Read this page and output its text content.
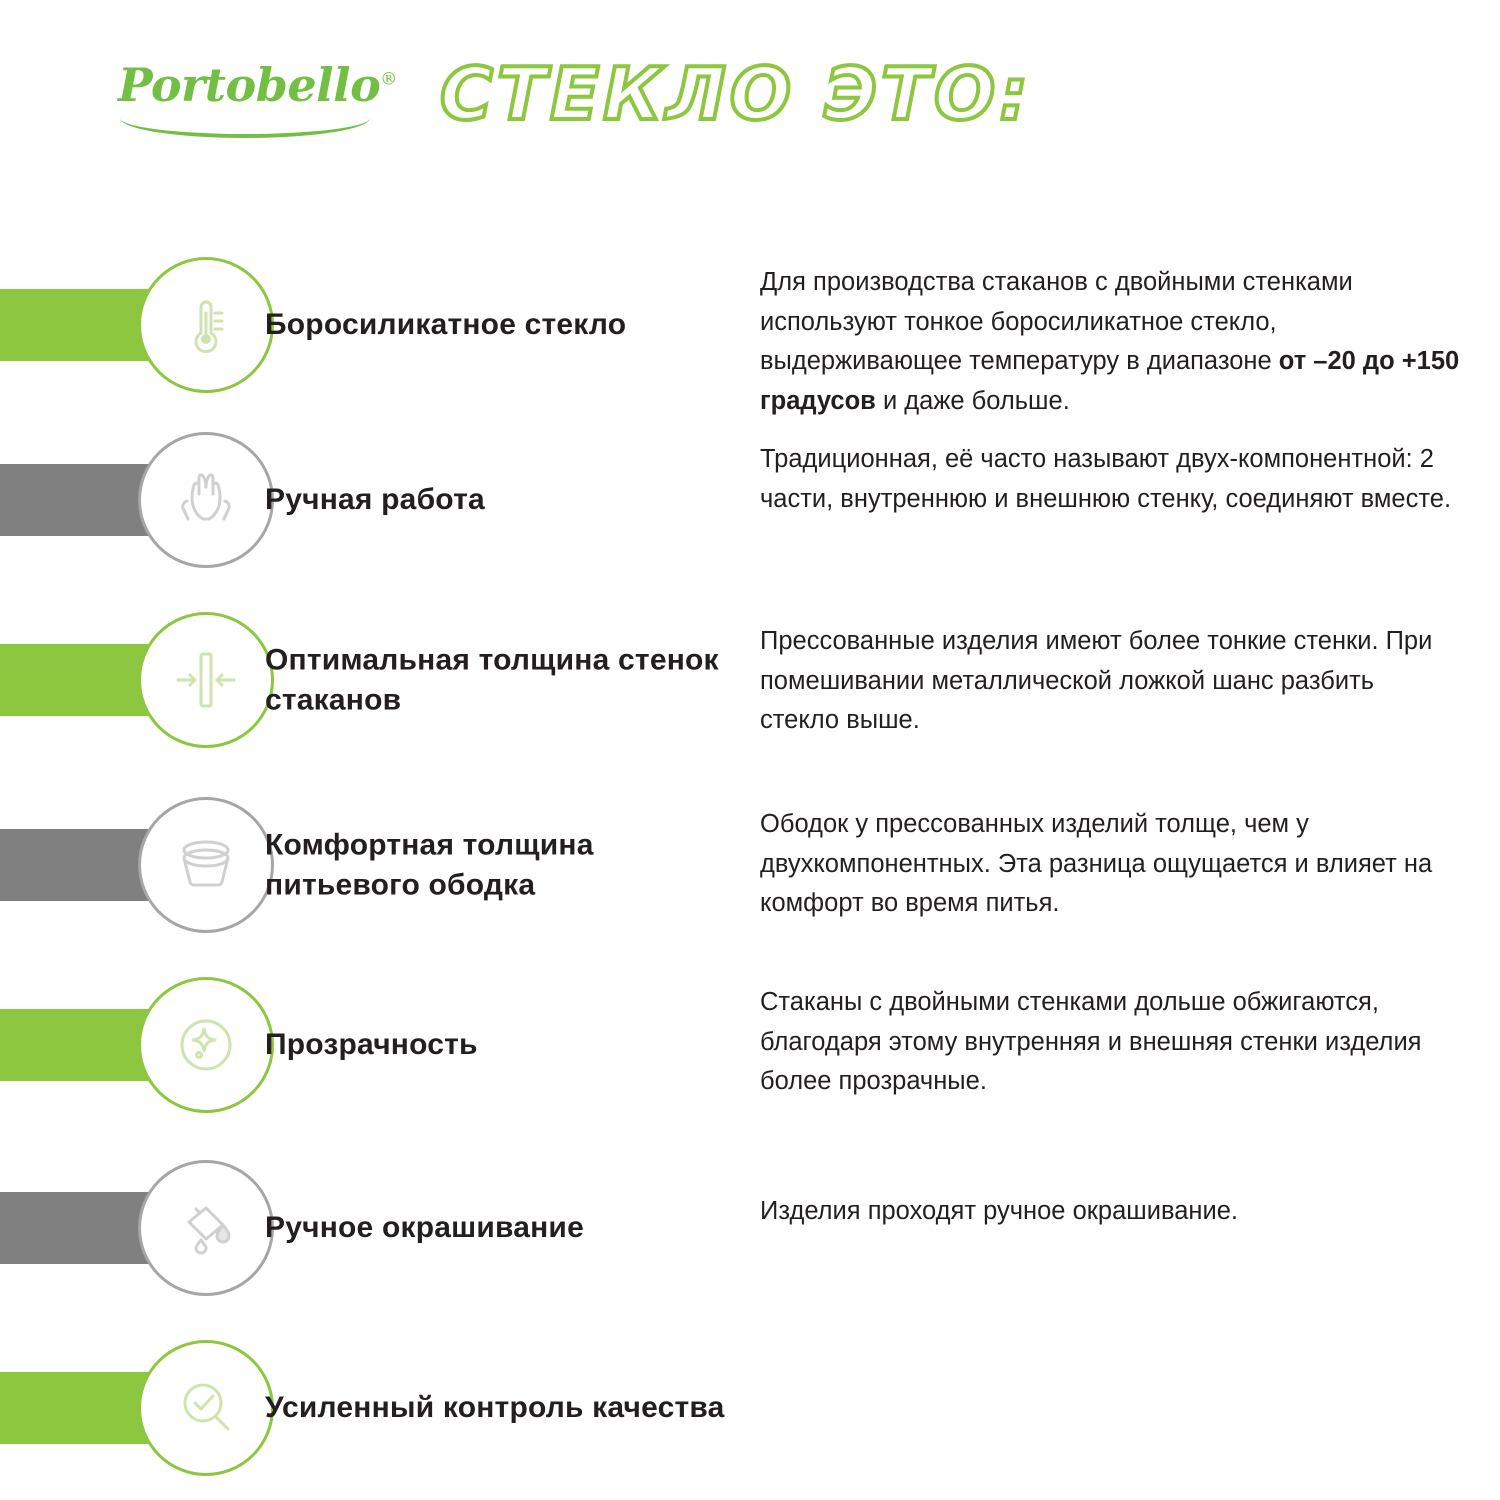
Portobello® СТЕКЛО ЭТО:
Боросиликатное стекло
Для производства стаканов с двойными стенками используют тонкое боросиликатное стекло, выдерживающее температуру в диапазоне от –20 до +150 градусов и даже больше.
Ручная работа
Традиционная, её часто называют двух-компонентной: 2 части, внутреннюю и внешнюю стенку, соединяют вместе.
Оптимальная толщина стенок стаканов
Прессованные изделия имеют более тонкие стенки. При помешивании металлической ложкой шанс разбить стекло выше.
Комфортная толщина питьевого ободка
Ободок у прессованных изделий толще, чем у двухкомпонентных. Эта разница ощущается и влияет на комфорт во время питья.
Прозрачность
Стаканы с двойными стенками дольше обжигаются, благодаря этому внутренняя и внешняя стенки изделия более прозрачные.
Ручное окрашивание
Изделия проходят ручное окрашивание.
Усиленный контроль качества
